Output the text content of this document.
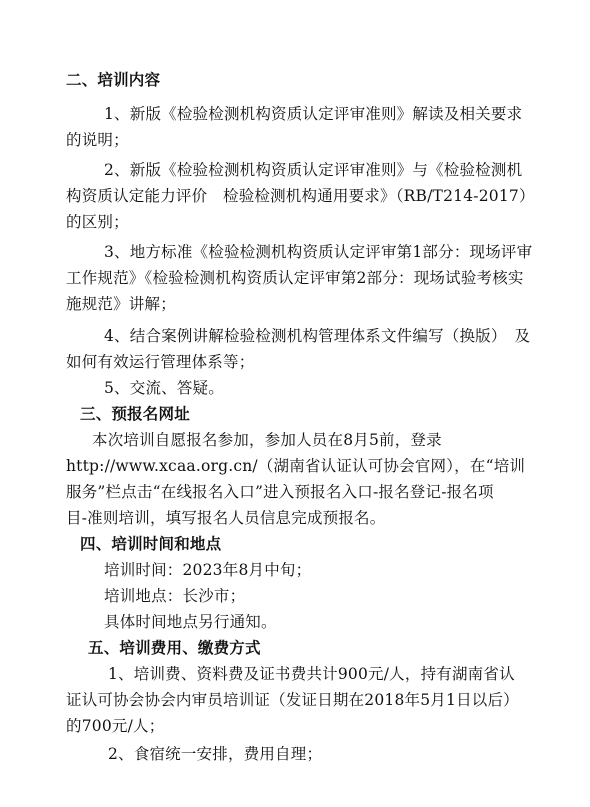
二、培训内容
1、新版《检验检测机构资质认定评审准则》解读及相关要求
的说明；
2、新版《检验检测机构资质认定评审准则》与《检验检测机
构资质认定能力评价　检验检测机构通用要求》（RB/T214-2017）
的区别；
3、地方标准《检验检测机构资质认定评审第1部分：现场评审
工作规范》《检验检测机构资质认定评审第2部分：现场试验考核实
施规范》讲解；
4、结合案例讲解检验检测机构管理体系文件编写（换版）　及
如何有效运行管理体系等；
5、交流、答疑。
三、预报名网址
本次培训自愿报名参加，参加人员在8月5前，登录
http://www.xcaa.org.cn/（湖南省认证认可协会官网），在“培训
服务”栏点击“在线报名入口”进入预报名入口-报名登记-报名项
目-准则培训，填写报名人员信息完成预报名。
四、培训时间和地点
培训时间：2023年8月中旬；
培训地点：长沙市；
具体时间地点另行通知。
五、培训费用、缴费方式
1、培训费、资料费及证书费共计900元/人，持有湖南省认
证认可协会协会内审员培训证（发证日期在2018年5月1日以后）
的700元/人；
2、食宿统一安排，费用自理；
